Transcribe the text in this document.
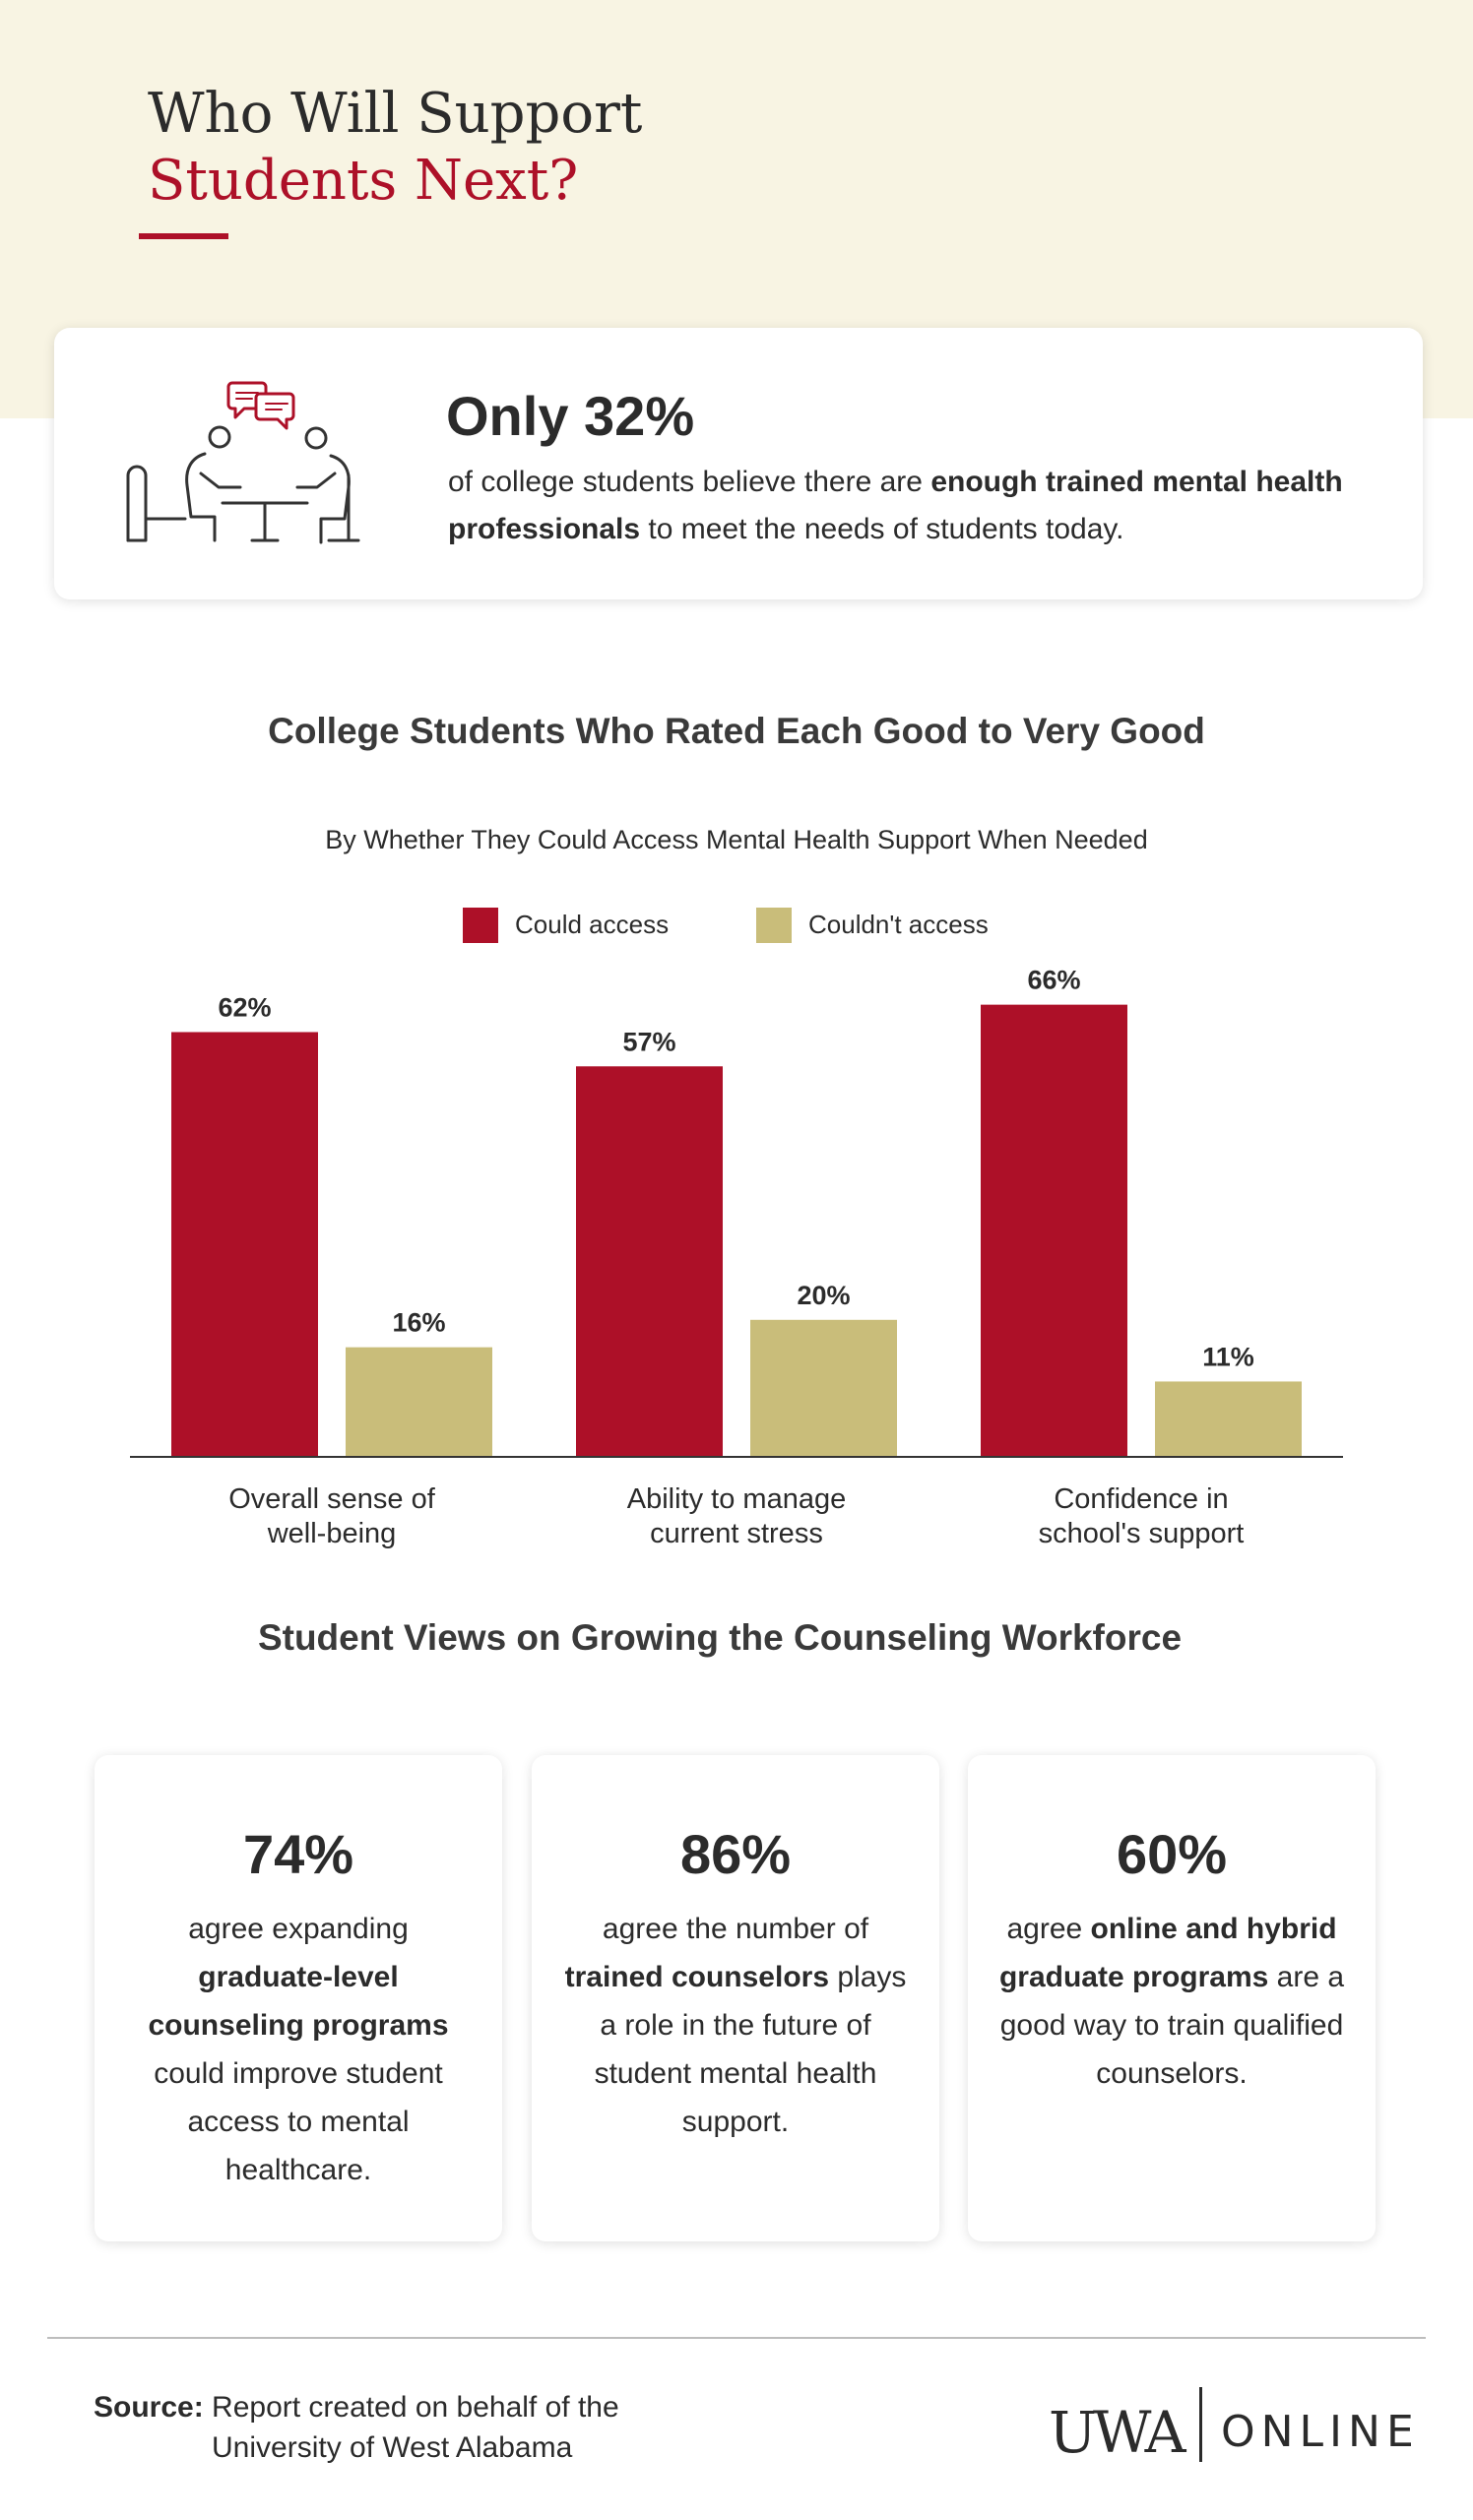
Who Will Support
Students Next?
Only 32%
of college students believe there are enough trained mental health professionals to meet the needs of students today.
College Students Who Rated Each Good to Very Good
By Whether They Could Access Mental Health Support When Needed
Could access	Couldn't access
62%
16%
Overall sense of
well-being
57%
20%
Ability to manage
current stress
66%
11%
Confidence in
school's support
Student Views on Growing the Counseling Workforce
74%
agree expanding graduate-level counseling programs could improve student access to mental healthcare.
86%
agree the number of trained counselors plays a role in the future of student mental health support.
60%
agree online and hybrid graduate programs are a good way to train qualified counselors.
Source: Report created on behalf of the
University of West Alabama	UWA ONLINE
